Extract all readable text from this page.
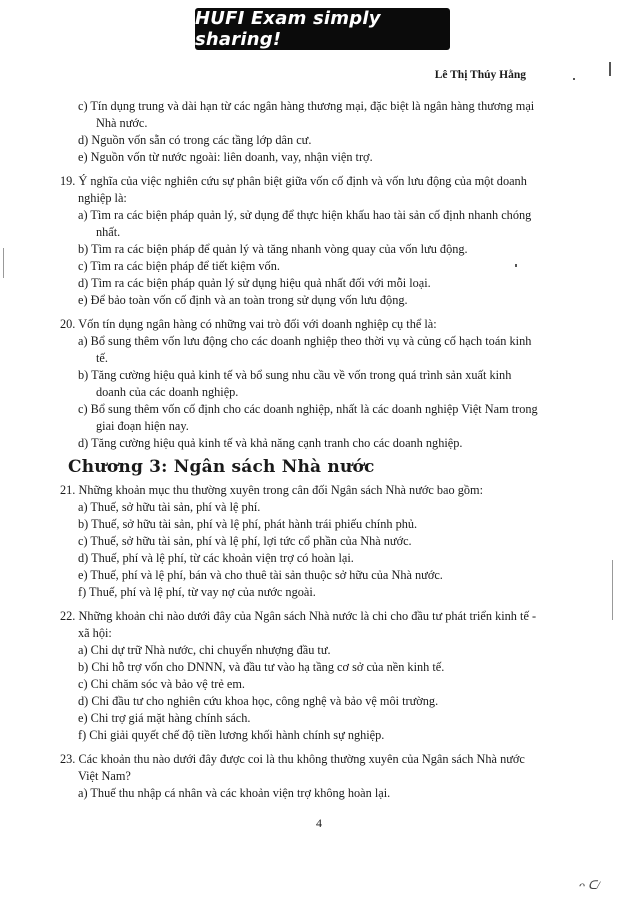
HUFI Exam simply sharing!
Lê Thị Thúy Hằng

c) Tín dụng trung và dài hạn từ các ngân hàng thương mại, đặc biệt là ngân hàng thương mại Nhà nước.

d) Nguồn vốn sẵn có trong các tầng lớp dân cư.

e) Nguồn vốn từ nước ngoài: liên doanh, vay, nhận viện trợ.

19. Ý nghĩa của việc nghiên cứu sự phân biệt giữa vốn cố định và vốn lưu động của một doanh nghiệp là:

a) Tìm ra các biện pháp quản lý, sử dụng để thực hiện khấu hao tài sản cố định nhanh chóng nhất.

b) Tìm ra các biện pháp để quản lý và tăng nhanh vòng quay của vốn lưu động.

c) Tìm ra các biện pháp để tiết kiệm vốn.

d) Tìm ra các biện pháp quản lý sử dụng hiệu quả nhất đối với mỗi loại.

e) Để bảo toàn vốn cố định và an toàn trong sử dụng vốn lưu động.

20. Vốn tín dụng ngân hàng có những vai trò đối với doanh nghiệp cụ thể là:

a) Bổ sung thêm vốn lưu động cho các doanh nghiệp theo thời vụ và củng cố hạch toán kinh tế.

b) Tăng cường hiệu quả kinh tế và bổ sung nhu cầu về vốn trong quá trình sản xuất kinh doanh của các doanh nghiệp.

c) Bổ sung thêm vốn cố định cho các doanh nghiệp, nhất là các doanh nghiệp Việt Nam trong giai đoạn hiện nay.

d) Tăng cường hiệu quả kinh tế và khả năng cạnh tranh cho các doanh nghiệp.

Chương 3: Ngân sách Nhà nước

21. Những khoản mục thu thường xuyên trong cân đối Ngân sách Nhà nước bao gồm:

a) Thuế, sở hữu tài sản, phí và lệ phí.

b) Thuế, sở hữu tài sản, phí và lệ phí, phát hành trái phiếu chính phủ.

c) Thuế, sở hữu tài sản, phí và lệ phí, lợi tức cổ phần của Nhà nước.

d) Thuế, phí và lệ phí, từ các khoản viện trợ có hoàn lại.

e) Thuế, phí và lệ phí, bán và cho thuê tài sản thuộc sở hữu của Nhà nước.

f) Thuế, phí và lệ phí, từ vay nợ của nước ngoài.

22. Những khoản chi nào dưới đây của Ngân sách Nhà nước là chi cho đầu tư phát triển kinh tế - xã hội:

a) Chi dự trữ Nhà nước, chi chuyển nhượng đầu tư.

b) Chi hỗ trợ vốn cho DNNN, và đầu tư vào hạ tầng cơ sở của nền kinh tế.

c) Chi chăm sóc và bảo vệ trẻ em.

d) Chi đầu tư cho nghiên cứu khoa học, công nghệ và bảo vệ môi trường.

e) Chi trợ giá mặt hàng chính sách.

f) Chi giải quyết chế độ tiền lương khối hành chính sự nghiệp.

23. Các khoản thu nào dưới đây được coi là thu không thường xuyên của Ngân sách Nhà nước Việt Nam?

a) Thuế thu nhập cá nhân và các khoản viện trợ không hoàn lại.

4
ᴖ ᑕ/
